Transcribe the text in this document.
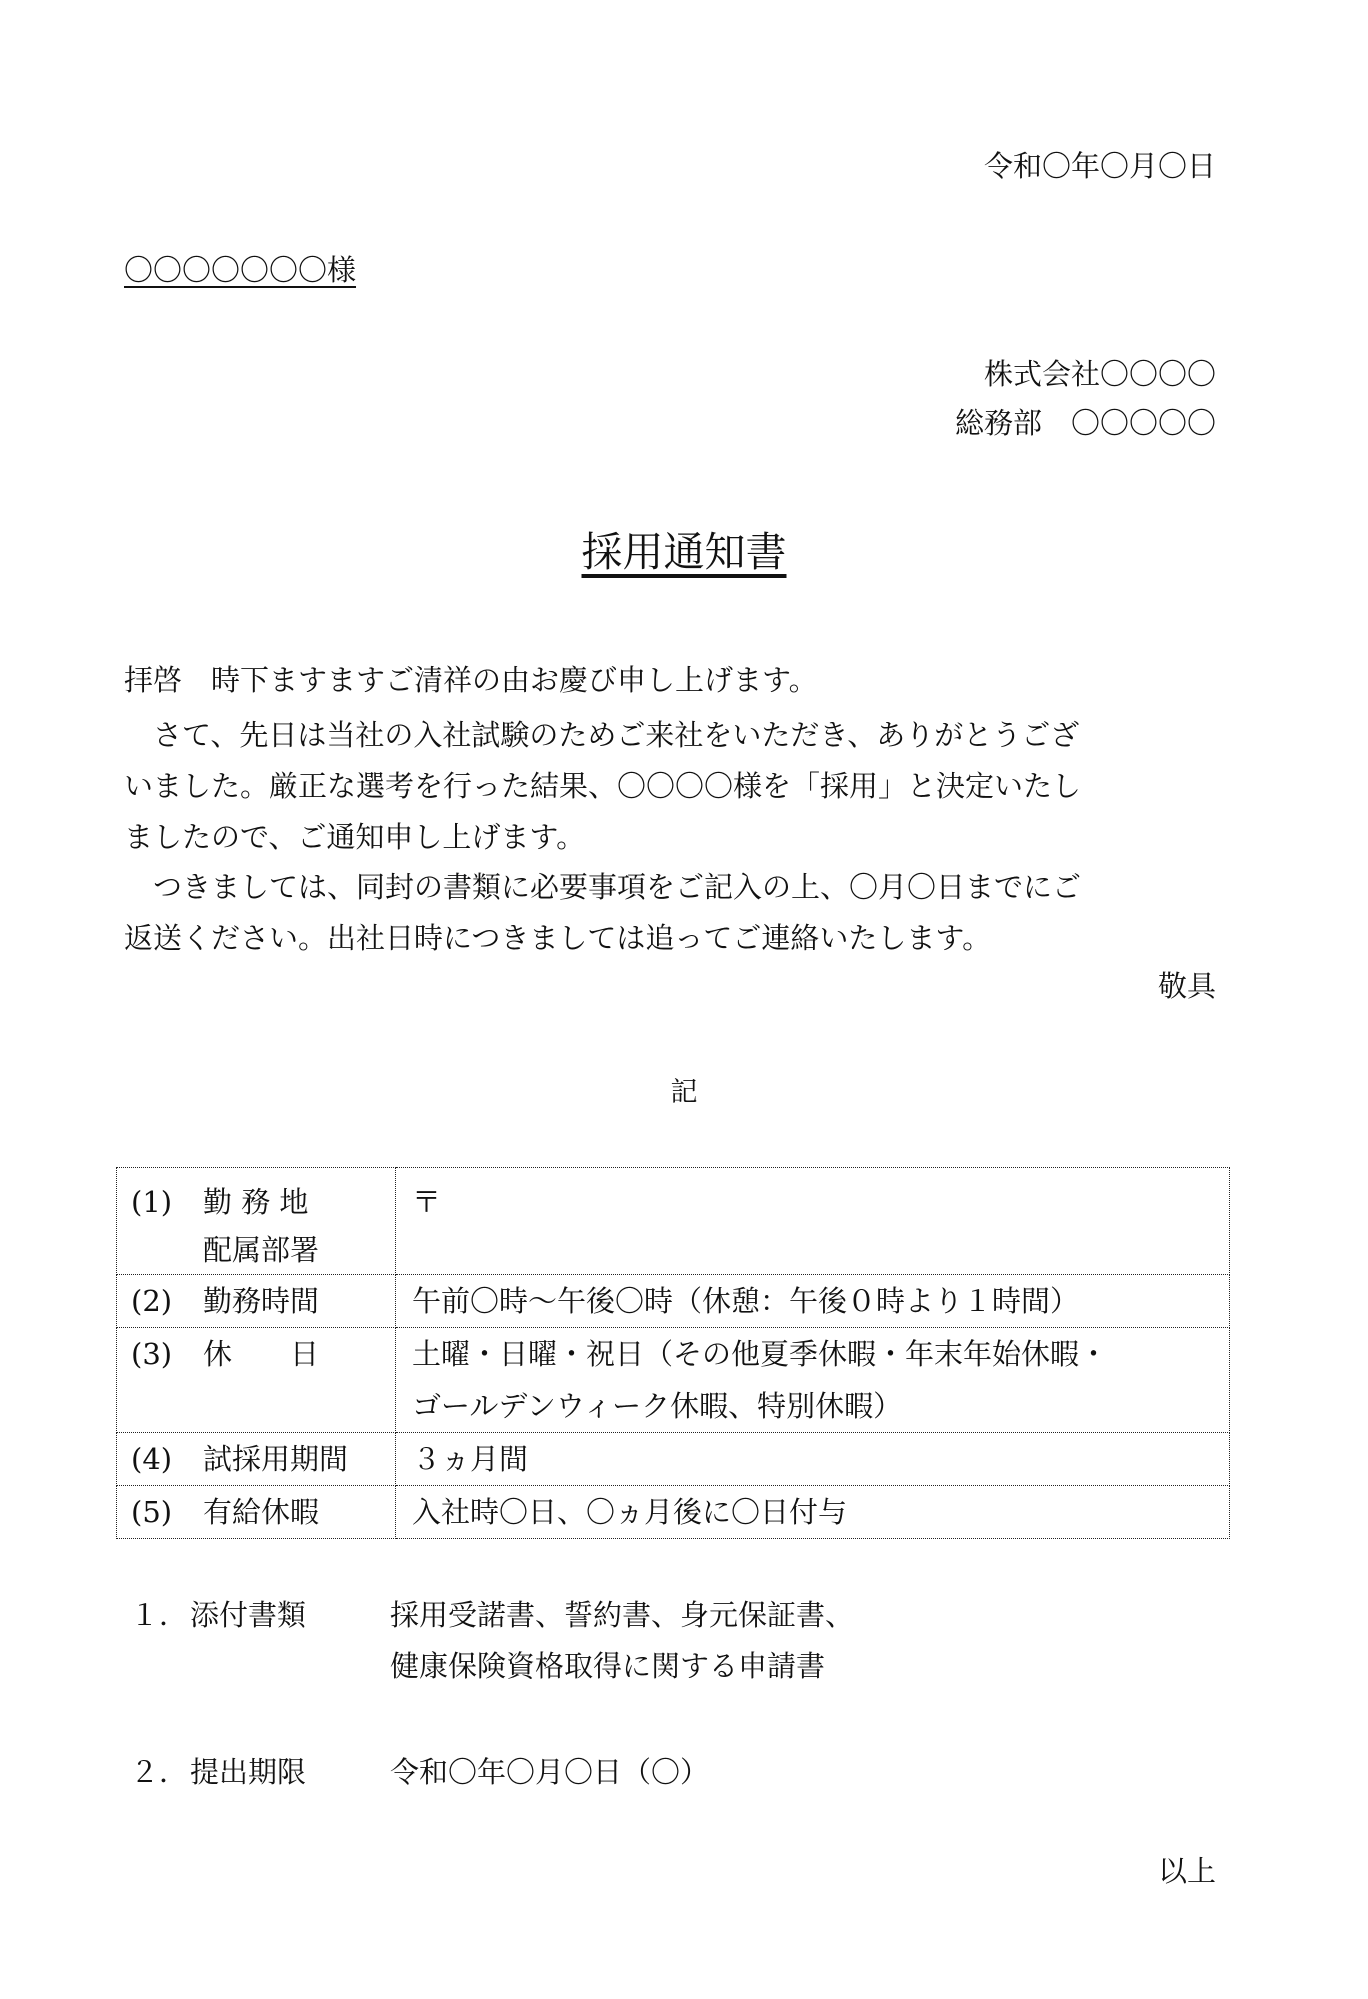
令和〇年〇月〇日
〇〇〇〇〇〇〇様
株式会社〇〇〇〇
総務部　〇〇〇〇〇
採用通知書
拝啓　時下ますますご清祥の由お慶び申し上げます。

　さて、先日は当社の入社試験のためご来社をいただき、ありがとうござ

いました。厳正な選考を行った結果、〇〇〇〇様を「採用」と決定いたし

ましたので、ご通知申し上げます。

　つきましては、同封の書類に必要事項をご記入の上、〇月〇日までにご

返送ください。出社日時につきましては追ってご連絡いたします。

敬具
記
(1) 勤 務 地
配属部署	〒

(2) 勤務時間	午前〇時～午後〇時（休憩：午後０時より１時間）

(3) 休　　日	土曜・日曜・祝日（その他夏季休暇・年末年始休暇・
ゴールデンウィーク休暇、特別休暇）

(4) 試採用期間	３ヵ月間

(5) 有給休暇	入社時〇日、〇ヵ月後に〇日付与
１．添付書類	採用受諾書、誓約書、身元保証書、
健康保険資格取得に関する申請書
２．提出期限	令和〇年〇月〇日（〇）
以上
